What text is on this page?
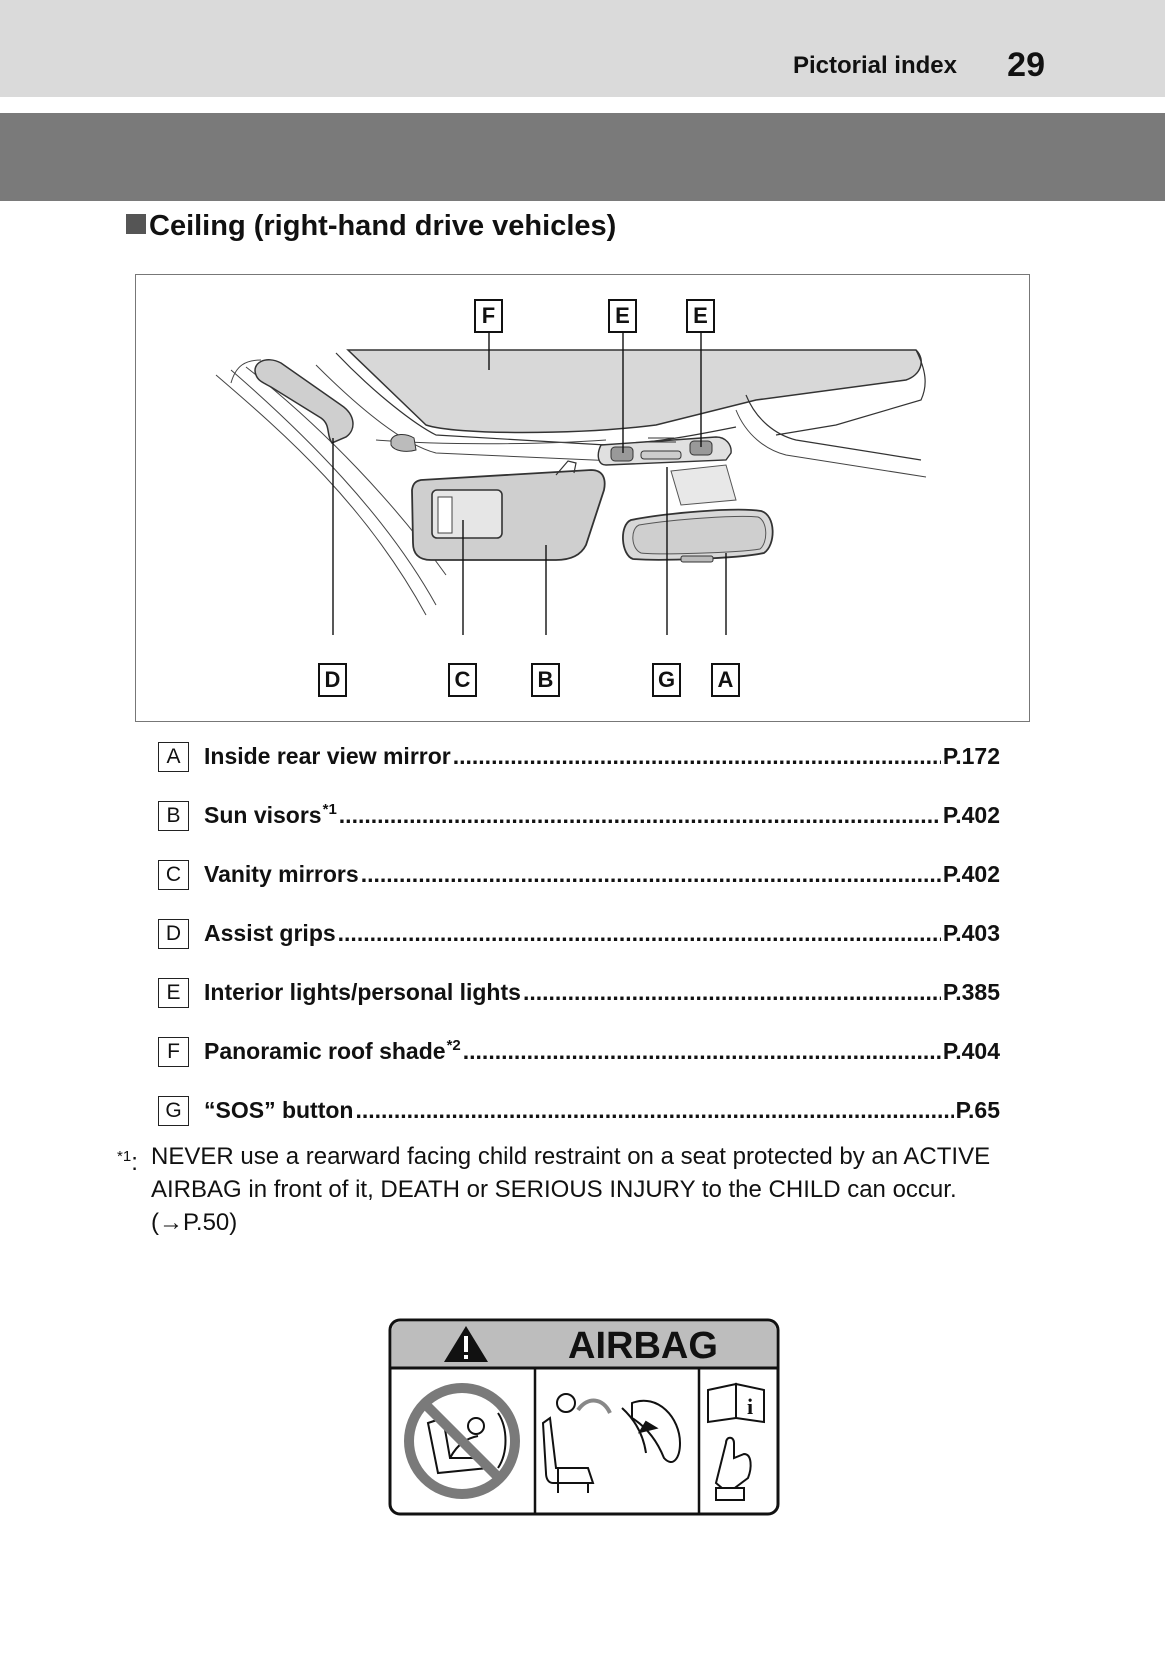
Pictorial index 29
Ceiling (right-hand drive vehicles)
F	E	E
D	C	B	G A
A	Inside rear view mirror .....	P.172
B	Sun visors *1 .....	P.402
C Vanity mirrors .....	P.402
D Assist grips .....	P.403
E	Interior lights/personal lights .....	P.385
F	Panoramic roof shade *2 .....	P.404
G “SOS” button .....	P.65
$^{*1}$: NEVER use a rearward facing child restraint on a seat protected by an ACTIVE AIRBAG in front of it, DEATH or SERIOUS INJURY to the CHILD can occur. (→P.50)
AIRBAG
i
